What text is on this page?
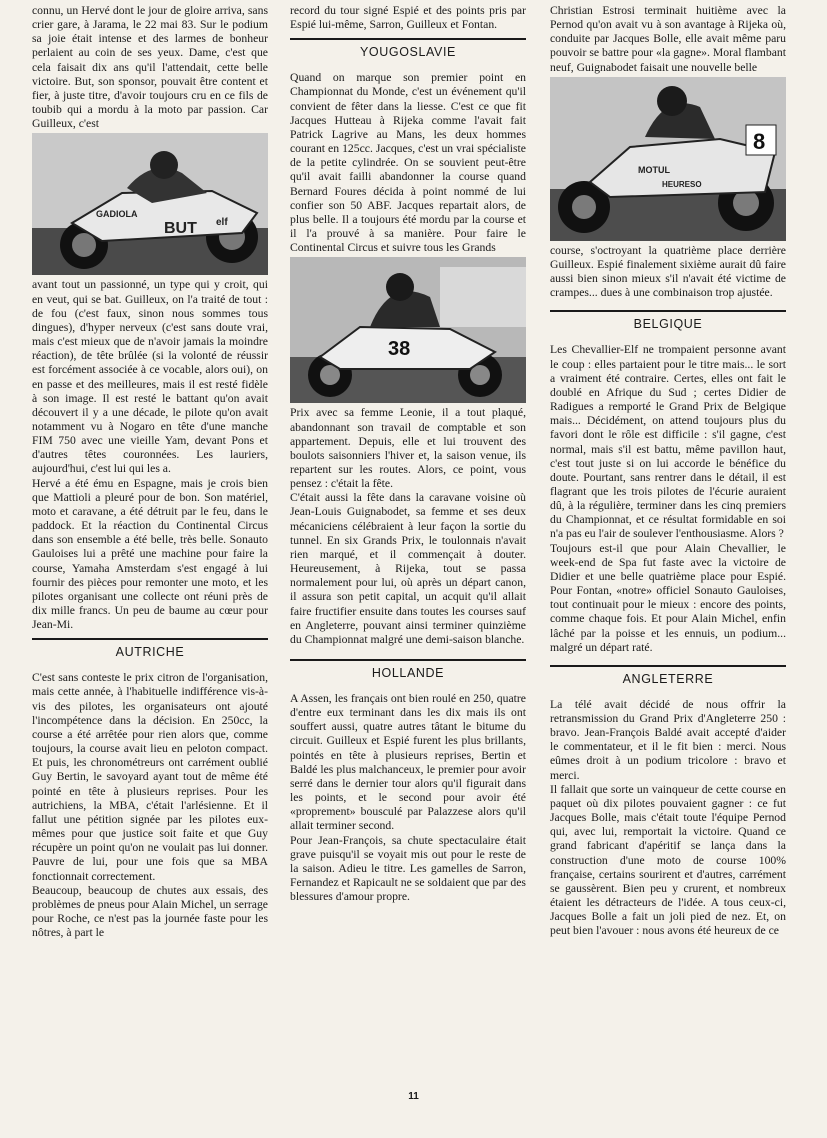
connu, un Hervé dont le jour de gloire arriva, sans crier gare, à Jarama, le 22 mai 83. Sur le podium sa joie était intense et des larmes de bonheur perlaient au coin de ses yeux. Dame, c'est que cela faisait dix ans qu'il l'attendait, cette belle victoire. But, son sponsor, pouvait être content et fier, à juste titre, d'avoir toujours cru en ce fils de toubib qui a mordu à la moto par passion. Car Guilleux, c'est

GADIOLA
BUT elf

avant tout un passionné, un type qui y croit, qui en veut, qui se bat. Guilleux, on l'a traité de tout : de fou (c'est faux, sinon nous sommes tous dingues), d'hyper nerveux (c'est sans doute vrai, mais c'est mieux que de n'avoir jamais la moindre réaction), de tête brûlée (si la volonté de réussir est forcément associée à ce vocable, alors oui), on en passe et des meilleures, mais il est resté fidèle à son image. Il est resté le battant qu'on avait découvert il y a une décade, le pilote qu'on avait notamment vu à Nogaro en tête d'une manche FIM 750 avec une vieille Yam, devant Pons et d'autres têtes couronnées. Les lauriers, aujourd'hui, c'est lui qui les a.

Hervé a été ému en Espagne, mais je crois bien que Mattioli a pleuré pour de bon. Son matériel, moto et caravane, a été détruit par le feu, dans le paddock. Et la réaction du Continental Circus dans son ensemble a été belle, très belle. Sonauto Gauloises lui a prêté une machine pour faire la course, Yamaha Amsterdam s'est engagé à lui fournir des pièces pour remonter une moto, et les pilotes organisant une collecte ont réuni près de dix mille francs. Un peu de baume au cœur pour Jean-Mi.

AUTRICHE

C'est sans conteste le prix citron de l'organisation, mais cette année, à l'habituelle indifférence vis-à-vis des pilotes, les organisateurs ont ajouté l'incompétence dans la décision. En 250cc, la course a été arrêtée pour rien alors que, comme toujours, la course avait lieu en peloton compact. Et puis, les chronométreurs ont carrément oublié Guy Bertin, le savoyard ayant tout de même été pointé en tête à plusieurs reprises. Pour les autrichiens, la MBA, c'était l'arlésienne. Et il fallut une pétition signée par les pilotes eux-mêmes pour que justice soit faite et que Guy récupère un point qu'on ne voulait pas lui donner. Pauvre de lui, pour une fois que sa MBA fonctionnait correctement.

Beaucoup, beaucoup de chutes aux essais, des problèmes de pneus pour Alain Michel, un serrage pour Roche, ce n'est pas la journée faste pour les nôtres, à part le

record du tour signé Espié et des points pris par Espié lui-même, Sarron, Guilleux et Fontan.

YOUGOSLAVIE

Quand on marque son premier point en Championnat du Monde, c'est un événement qu'il convient de fêter dans la liesse. C'est ce que fit Jacques Hutteau à Rijeka comme l'avait fait Patrick Lagrive au Mans, les deux hommes courant en 125cc. Jacques, c'est un vrai spécialiste de la petite cylindrée. On se souvient peut-être qu'il avait failli abandonner la course quand Bernard Foures décida à point nommé de lui confier son 50 ABF. Jacques repartait alors, de plus belle. Il a toujours été mordu par la course et il l'a prouvé à sa manière. Pour faire le Continental Circus et suivre tous les Grands

38

Prix avec sa femme Leonie, il a tout plaqué, abandonnant son travail de comptable et son appartement. Depuis, elle et lui trouvent des boulots saisonniers l'hiver et, la saison venue, ils repartent sur les routes. Alors, ce point, vous pensez : c'était la fête.

C'était aussi la fête dans la caravane voisine où Jean-Louis Guignabodet, sa femme et ses deux mécaniciens célébraient à leur façon la sortie du tunnel. En six Grands Prix, le toulonnais n'avait rien marqué, et il commençait à douter. Heureusement, à Rijeka, tout se passa normalement pour lui, où après un départ canon, il assura son petit capital, un acquit qu'il allait faire fructifier ensuite dans toutes les courses sauf en Angleterre, pouvant ainsi terminer quinzième du Championnat malgré une demi-saison blanche.

HOLLANDE

A Assen, les français ont bien roulé en 250, quatre d'entre eux terminant dans les dix mais ils ont souffert aussi, quatre autres tâtant le bitume du circuit. Guilleux et Espié furent les plus brillants, pointés en tête à plusieurs reprises, Bertin et Baldé les plus malchanceux, le premier pour avoir serré dans le dernier tour alors qu'il figurait dans les points, et le second pour avoir été «proprement» bousculé par Palazzese alors qu'il allait terminer second.

Pour Jean-François, sa chute spectaculaire était grave puisqu'il se voyait mis out pour le reste de la saison. Adieu le titre. Les gamelles de Sarron, Fernandez et Rapicault ne se soldaient que par des blessures d'amour propre.

Christian Estrosi terminait huitième avec la Pernod qu'on avait vu à son avantage à Rijeka où, conduite par Jacques Bolle, elle avait même paru pouvoir se battre pour «la gagne». Moral flambant neuf, Guignabodet faisait une nouvelle belle

MOTUL
HEURESO
8

course, s'octroyant la quatrième place derrière Guilleux. Espié finalement sixième aurait dû faire aussi bien sinon mieux s'il n'avait été victime de crampes... dues à une combinaison trop ajustée.

BELGIQUE

Les Chevallier-Elf ne trompaient personne avant le coup : elles partaient pour le titre mais... le sort a vraiment été contraire. Certes, elles ont fait le doublé en Afrique du Sud ; certes Didier de Radigues a remporté le Grand Prix de Belgique mais... Décidément, on attend toujours plus du favori dont le rôle est difficile : s'il gagne, c'est normal, mais s'il est battu, même pavillon haut, c'est tout juste si on lui accorde le bénéfice du doute. Pourtant, sans rentrer dans le détail, il est flagrant que les trois pilotes de l'écurie auraient dû, à la régulière, terminer dans les cinq premiers du Championnat, et ce résultat formidable en soi n'a pas eu l'air de soulever l'enthousiasme. Alors ?

Toujours est-il que pour Alain Chevallier, le week-end de Spa fut faste avec la victoire de Didier et une belle quatrième place pour Espié. Pour Fontan, «notre» officiel Sonauto Gauloises, tout continuait pour le mieux : encore des points, comme chaque fois. Et pour Alain Michel, enfin lâché par la poisse et les ennuis, un podium... malgré un départ raté.

ANGLETERRE

La télé avait décidé de nous offrir la retransmission du Grand Prix d'Angleterre 250 : bravo. Jean-François Baldé avait accepté d'aider le commentateur, et il le fit bien : merci. Nous eûmes droit à un podium tricolore : bravo et merci.

Il fallait que sorte un vainqueur de cette course en paquet où dix pilotes pouvaient gagner : ce fut Jacques Bolle, mais c'était toute l'équipe Pernod qui, avec lui, remportait la victoire. Quand ce grand fabricant d'apéritif se lança dans la construction d'une moto de course 100% française, certains sourirent et d'autres, carrément se gaussèrent. Bien peu y crurent, et nombreux étaient les détracteurs de l'idée. A tous ceux-ci, Jacques Bolle a fait un joli pied de nez. Et, on peut bien l'avouer : nous avons été heureux de ce

11
